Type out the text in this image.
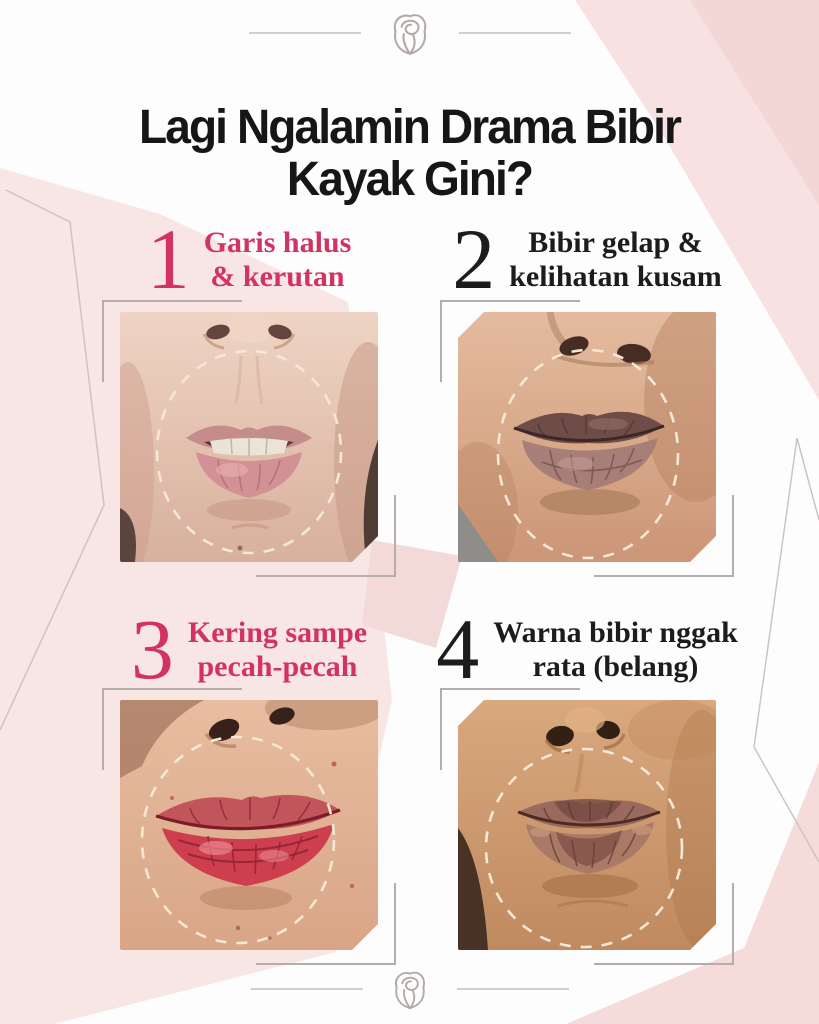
Lagi Ngalamin Drama Bibir
Kayak Gini?
1 Garis halus
& kerutan 2	Bibir gelap &
kelihatan kusam
3 Kering sampe
pecah-pecah 4 Warna bibir nggak
rata (belang)
